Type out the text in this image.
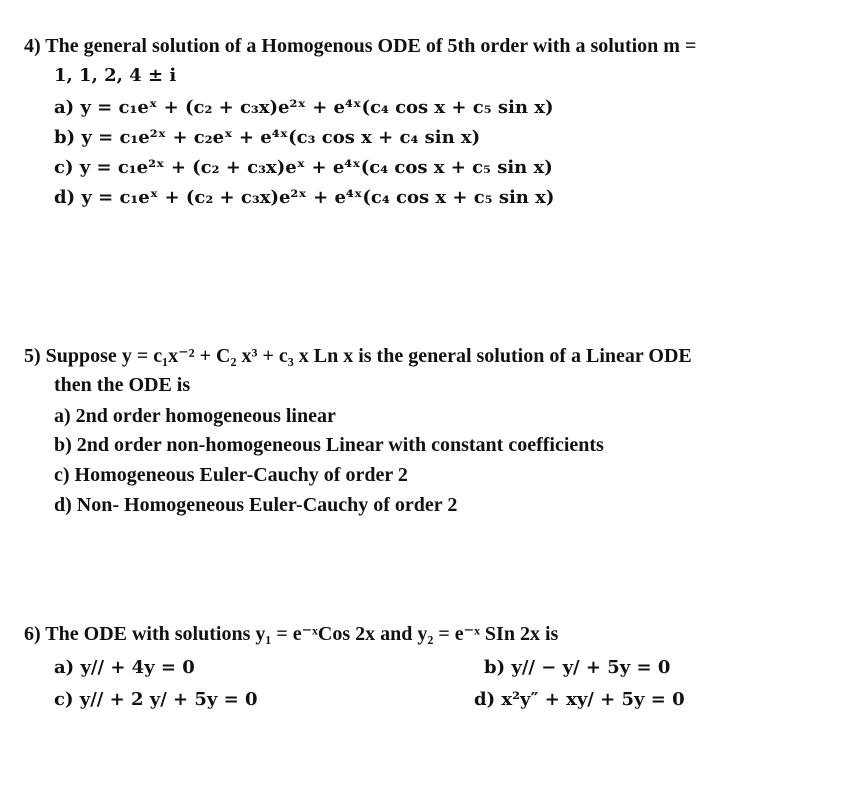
4) The general solution of a Homogenous ODE of 5th order with a solution m =
1, 1, 2, 4 ± i
a) y = c₁eˣ + (c₂ + c₃x)e²ˣ + e⁴ˣ(c₄ cos x + c₅ sin x)
b) y = c₁e²ˣ + c₂eˣ + e⁴ˣ(c₃ cos x + c₄ sin x)
c) y = c₁e²ˣ + (c₂ + c₃x)eˣ + e⁴ˣ(c₄ cos x + c₅ sin x)
d) y = c₁eˣ + (c₂ + c₃x)e²ˣ + e⁴ˣ(c₄ cos x + c₅ sin x)
5) Suppose y = c₁x⁻² + C₂ x³ + c₃ x Ln x is the general solution of a Linear ODE
then the ODE is
a) 2nd order homogeneous linear
b) 2nd order non-homogeneous Linear with constant coefficients
c) Homogeneous Euler-Cauchy of order 2
d) Non- Homogeneous Euler-Cauchy of order 2
6) The ODE with solutions y₁ = e⁻ˣCos 2x and y₂ = e⁻ˣ SIn 2x is
a) y// + 4y = 0	b) y// − y/ + 5y = 0
c) y// + 2 y/ + 5y = 0	d) x²y″ + xy/ + 5y = 0
